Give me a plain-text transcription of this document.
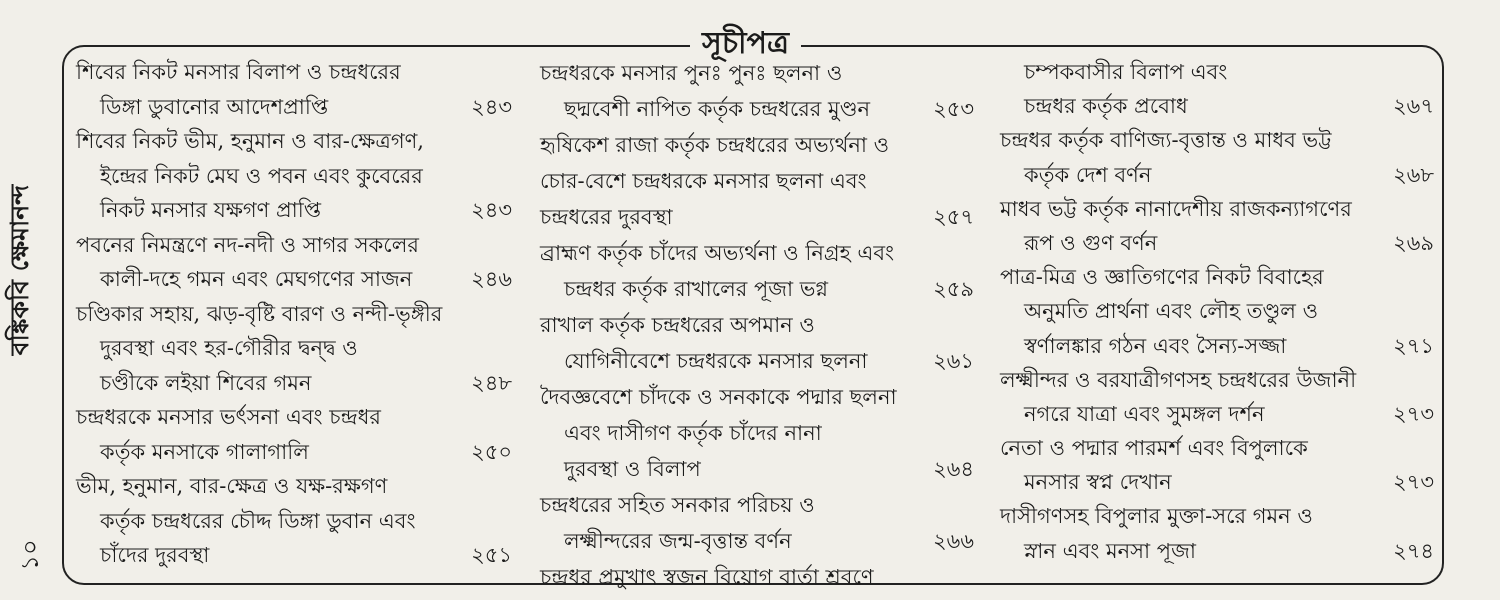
বঙ্কিকবি ক্ষেমানন্দ
১০
সূচীপত্র
শিবের নিকট মনসার বিলাপ ও চন্দ্রধরের
ডিঙ্গা ডুবানোর আদেশপ্রাপ্তি	২৪৩
শিবের নিকট ভীম, হনুমান ও বার-ক্ষেত্রগণ,
ইন্দ্রের নিকট মেঘ ও পবন এবং কুবেরের
নিকট মনসার যক্ষগণ প্রাপ্তি	২৪৩
পবনের নিমন্ত্রণে নদ-নদী ও সাগর সকলের
কালী-দহে গমন এবং মেঘগণের সাজন	২৪৬
চণ্ডিকার সহায়, ঝড়-বৃষ্টি বারণ ও নন্দী-ভৃঙ্গীর
দুরবস্থা এবং হর-গৌরীর দ্বন্দ্ব ও
চণ্ডীকে লইয়া শিবের গমন	২৪৮
চন্দ্রধরকে মনসার ভর্ৎসনা এবং চন্দ্রধর
কর্তৃক মনসাকে গালাগালি	২৫০
ভীম, হনুমান, বার-ক্ষেত্র ও যক্ষ-রক্ষগণ
কর্তৃক চন্দ্রধরের চৌদ্দ ডিঙ্গা ডুবান এবং
চাঁদের দুরবস্থা	২৫১
চন্দ্রধরকে মনসার পুনঃ পুনঃ ছলনা ও
ছদ্মবেশী নাপিত কর্তৃক চন্দ্রধরের মুণ্ডন	২৫৩
হৃষিকেশ রাজা কর্তৃক চন্দ্রধরের অভ্যর্থনা ও
চোর-বেশে চন্দ্রধরকে মনসার ছলনা এবং
চন্দ্রধরের দুরবস্থা	২৫৭
ব্রাহ্মণ কর্তৃক চাঁদের অভ্যর্থনা ও নিগ্রহ এবং
চন্দ্রধর কর্তৃক রাখালের পূজা ভগ্ন	২৫৯
রাখাল কর্তৃক চন্দ্রধরের অপমান ও
যোগিনীবেশে চন্দ্রধরকে মনসার ছলনা	২৬১
দৈবজ্ঞবেশে চাঁদকে ও সনকাকে পদ্মার ছলনা
এবং দাসীগণ কর্তৃক চাঁদের নানা
দুরবস্থা ও বিলাপ	২৬৪
চন্দ্রধরের সহিত সনকার পরিচয় ও
লক্ষ্মীন্দরের জন্ম-বৃত্তান্ত বর্ণন	২৬৬
চন্দ্রধর প্রমুখাৎ স্বজন বিয়োগ বার্তা শ্রবণে
চম্পকবাসীর বিলাপ এবং
চন্দ্রধর কর্তৃক প্রবোধ	২৬৭
চন্দ্রধর কর্তৃক বাণিজ্য-বৃত্তান্ত ও মাধব ভট্ট
কর্তৃক দেশ বর্ণন	২৬৮
মাধব ভট্ট কর্তৃক নানাদেশীয় রাজকন্যাগণের
রূপ ও গুণ বর্ণন	২৬৯
পাত্র-মিত্র ও জ্ঞাতিগণের নিকট বিবাহের
অনুমতি প্রার্থনা এবং লৌহ তণ্ডুল ও
স্বর্ণালঙ্কার গঠন এবং সৈন্য-সজ্জা	২৭১
লক্ষ্মীন্দর ও বরযাত্রীগণসহ চন্দ্রধরের উজানী
নগরে যাত্রা এবং সুমঙ্গল দর্শন	২৭৩
নেতা ও পদ্মার পারমর্শ এবং বিপুলাকে
মনসার স্বপ্ন দেখান	২৭৩
দাসীগণসহ বিপুলার মুক্তা-সরে গমন ও
স্নান এবং মনসা পূজা	২৭৪
